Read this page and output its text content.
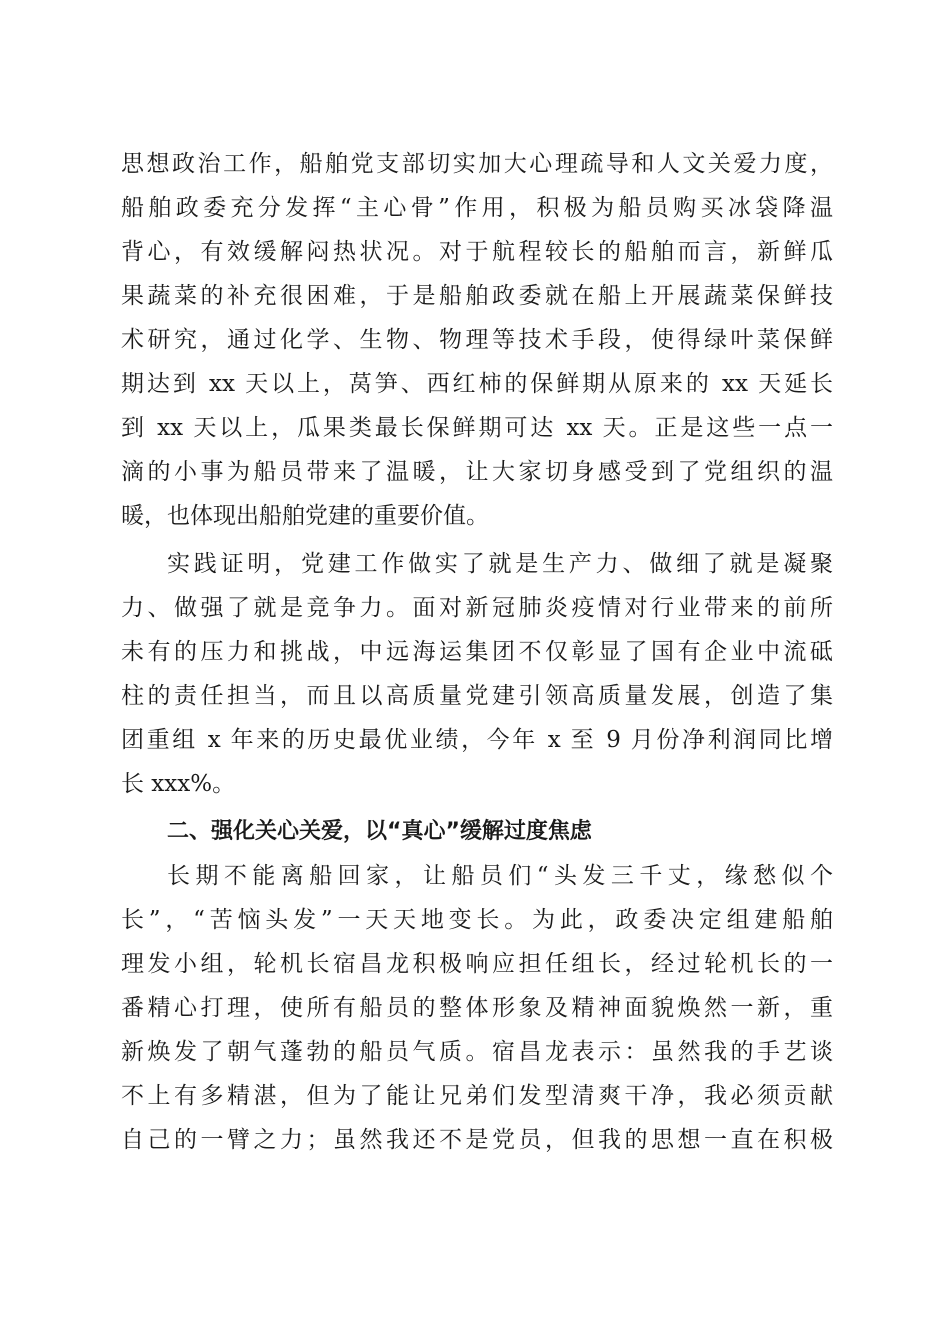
思想政治工作，船舶党支部切实加大心理疏导和人文关爱力度，
船舶政委充分发挥“主心骨”作用，积极为船员购买冰袋降温
背心，有效缓解闷热状况。对于航程较长的船舶而言，新鲜瓜
果蔬菜的补充很困难，于是船舶政委就在船上开展蔬菜保鲜技
术研究，通过化学、生物、物理等技术手段，使得绿叶菜保鲜
期达到 xx 天以上，莴笋、西红柿的保鲜期从原来的 xx 天延长
到 xx 天以上，瓜果类最长保鲜期可达 xx 天。正是这些一点一
滴的小事为船员带来了温暖，让大家切身感受到了党组织的温
暖，也体现出船舶党建的重要价值。
实践证明，党建工作做实了就是生产力、做细了就是凝聚
力、做强了就是竞争力。面对新冠肺炎疫情对行业带来的前所
未有的压力和挑战，中远海运集团不仅彰显了国有企业中流砥
柱的责任担当，而且以高质量党建引领高质量发展，创造了集
团重组 x 年来的历史最优业绩，今年 x 至 9 月份净利润同比增
长 xxx%。
二、强化关心关爱，以“真心”缓解过度焦虑
长期不能离船回家，让船员们“头发三千丈，缘愁似个
长”，“苦恼头发”一天天地变长。为此，政委决定组建船舶
理发小组，轮机长宿昌龙积极响应担任组长，经过轮机长的一
番精心打理，使所有船员的整体形象及精神面貌焕然一新，重
新焕发了朝气蓬勃的船员气质。宿昌龙表示：虽然我的手艺谈
不上有多精湛，但为了能让兄弟们发型清爽干净，我必须贡献
自己的一臂之力；虽然我还不是党员，但我的思想一直在积极
